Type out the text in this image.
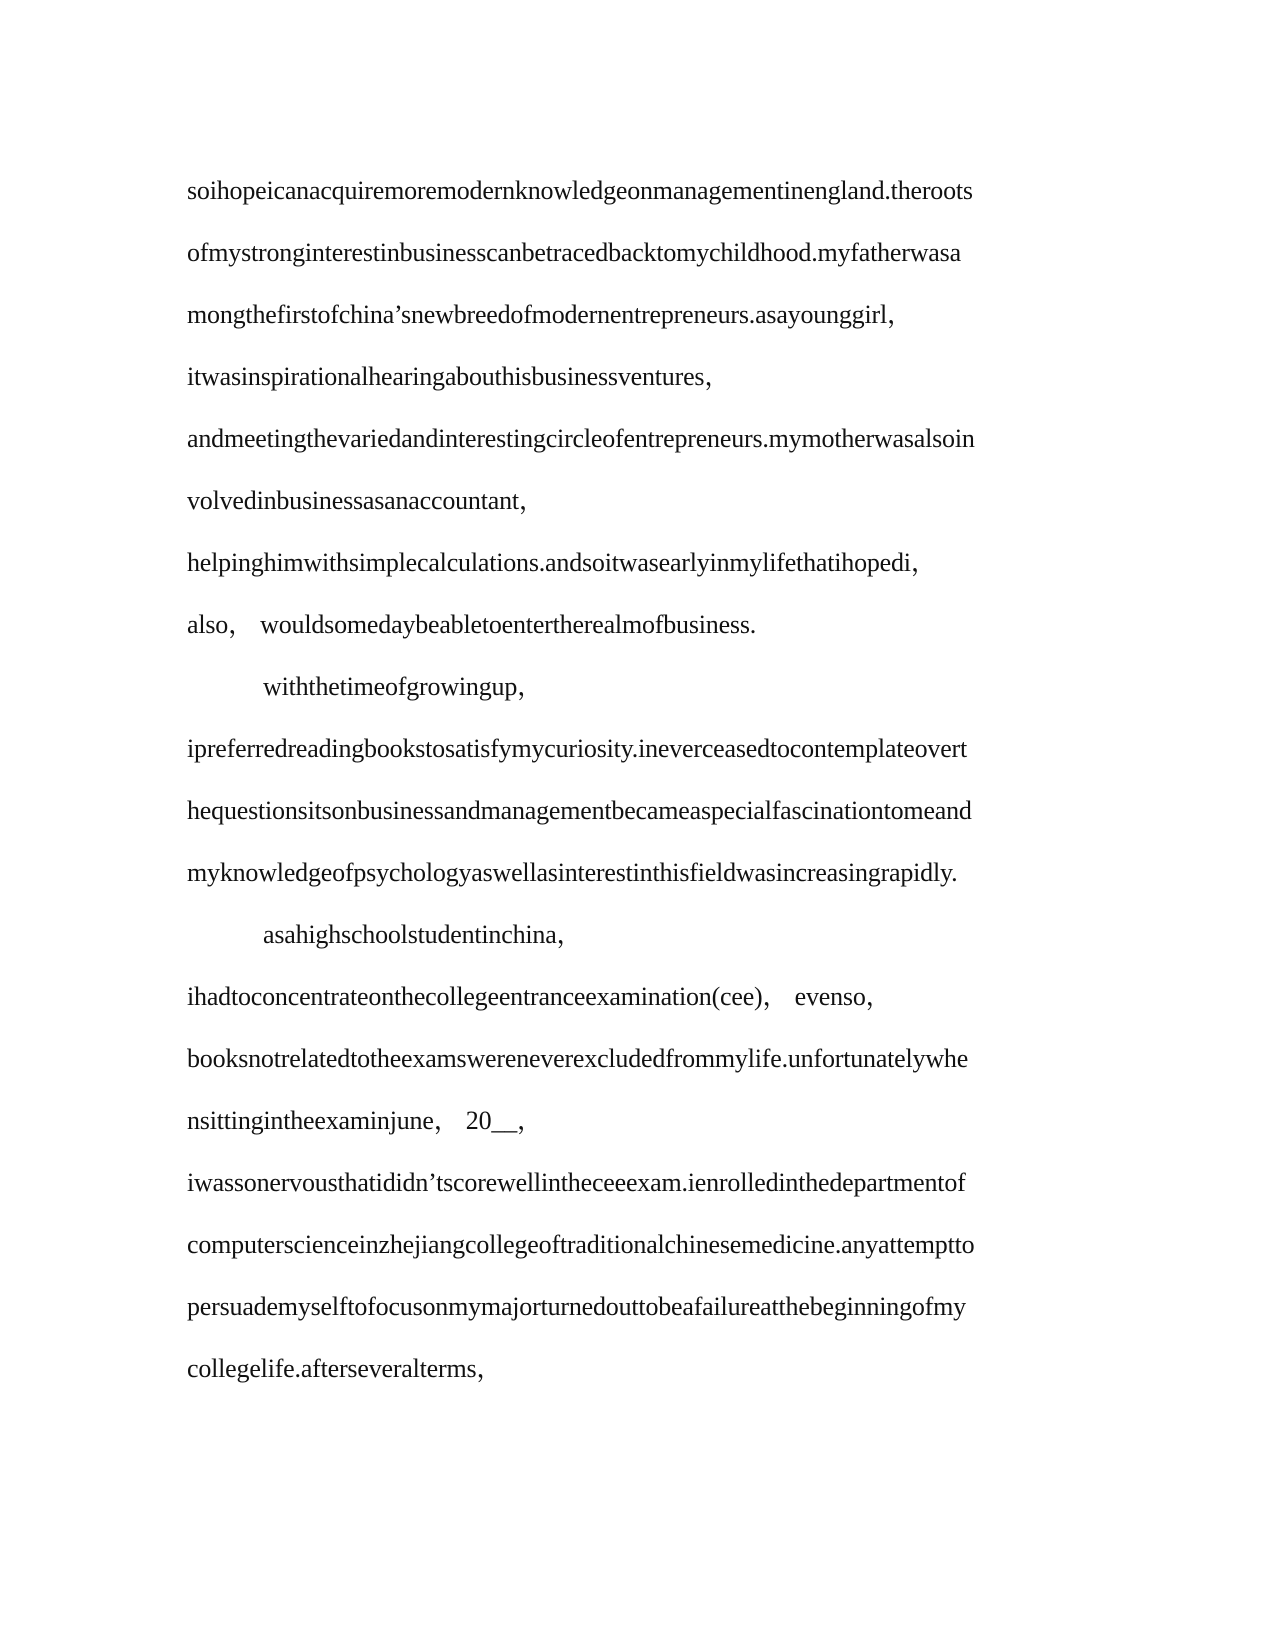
soihopeicanacquiremoremodernknowledgeonmanagementinengland.theroots
ofmystronginterestinbusinesscanbetracedbacktomychildhood.myfatherwasa
mongthefirstofchina’snewbreedofmodernentrepreneurs.asayounggirl，
itwasinspirationalhearingabouthisbusinessventures，
andmeetingthevariedandinterestingcircleofentrepreneurs.mymotherwasalsoin
volvedinbusinessasanaccountant，
helpinghimwithsimplecalculations.andsoitwasearlyinmylifethatihopedi，
also， wouldsomedaybeabletoentertherealmofbusiness.
withthetimeofgrowingup，
ipreferredreadingbookstosatisfymycuriosity.ineverceasedtocontemplateovert
hequestionsitsonbusinessandmanagementbecameaspecialfascinationtomeand
myknowledgeofpsychologyaswellasinterestinthisfieldwasincreasingrapidly.
asahighschoolstudentinchina，
ihadtoconcentrateonthecollegeentranceexamination(cee)， evenso，
booksnotrelatedtotheexamswereneverexcludedfrommylife.unfortunatelywhe
nsittingintheexaminjune， 20__，
iwassonervousthatididn’tscorewellintheceeexam.ienrolledinthedepartmentof
computerscienceinzhejiangcollegeoftraditionalchinesemedicine.anyattemptto
persuademyselftofocusonmymajorturnedouttobeafailureatthebeginningofmy
collegelife.afterseveralterms，
